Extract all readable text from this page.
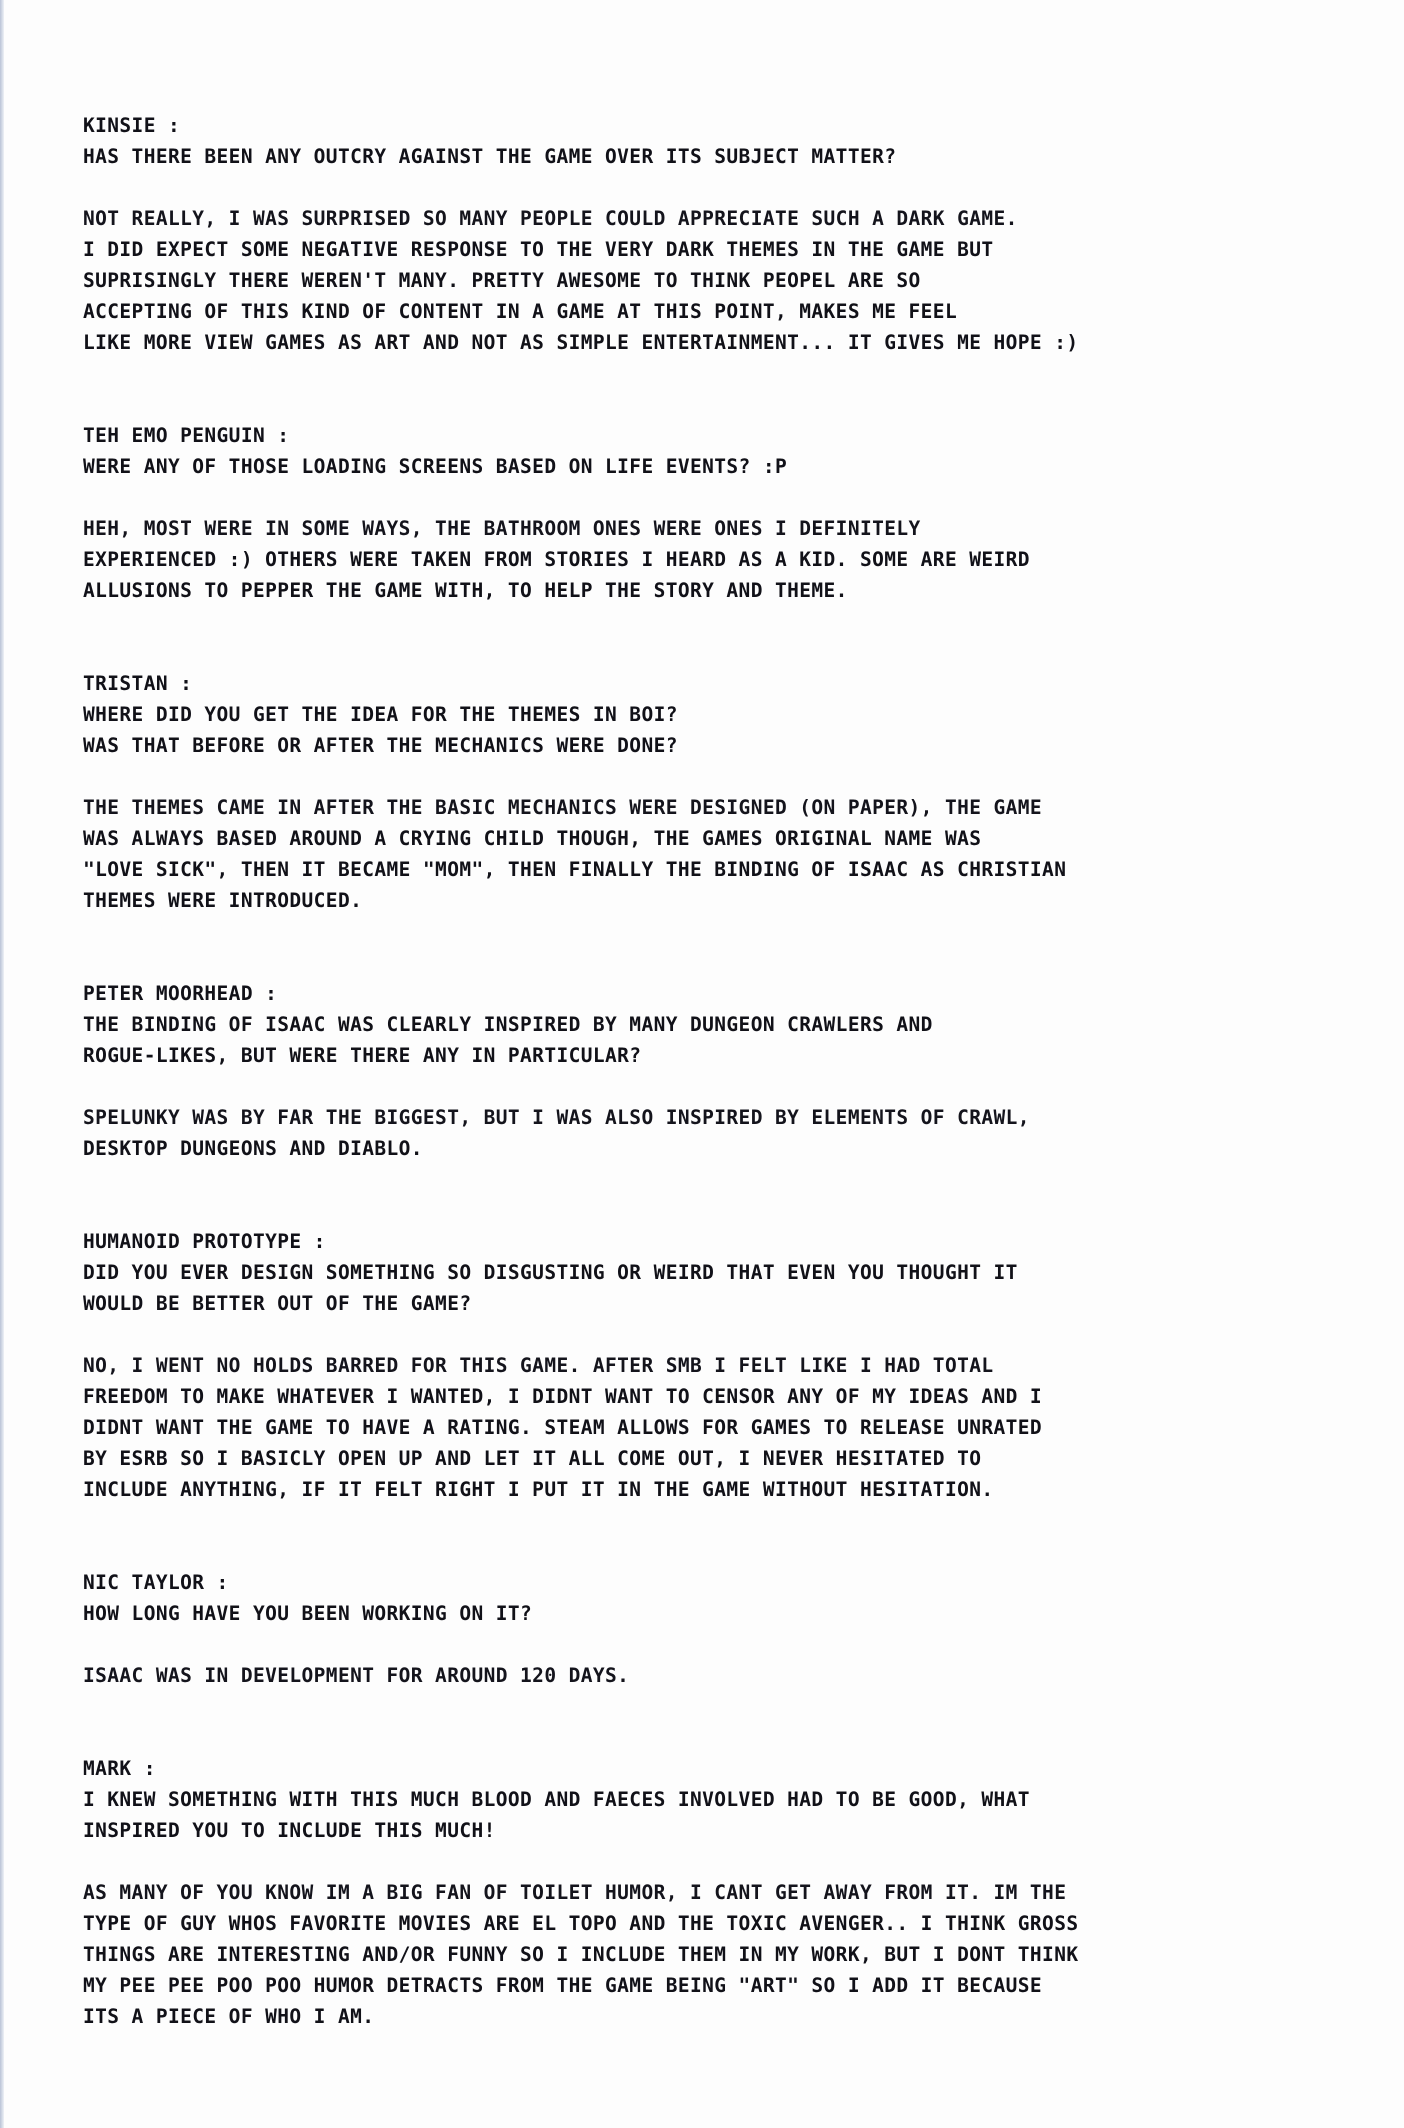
KINSIE :

HAS THERE BEEN ANY OUTCRY AGAINST THE GAME OVER ITS SUBJECT MATTER?

NOT REALLY, I WAS SURPRISED SO MANY PEOPLE COULD APPRECIATE SUCH A DARK GAME.

I DID EXPECT SOME NEGATIVE RESPONSE TO THE VERY DARK THEMES IN THE GAME BUT

SUPRISINGLY THERE WEREN'T MANY. PRETTY AWESOME TO THINK PEOPEL ARE SO

ACCEPTING OF THIS KIND OF CONTENT IN A GAME AT THIS POINT, MAKES ME FEEL

LIKE MORE VIEW GAMES AS ART AND NOT AS SIMPLE ENTERTAINMENT... IT GIVES ME HOPE :)

TEH EMO PENGUIN :

WERE ANY OF THOSE LOADING SCREENS BASED ON LIFE EVENTS? :P

HEH, MOST WERE IN SOME WAYS, THE BATHROOM ONES WERE ONES I DEFINITELY

EXPERIENCED :) OTHERS WERE TAKEN FROM STORIES I HEARD AS A KID. SOME ARE WEIRD

ALLUSIONS TO PEPPER THE GAME WITH, TO HELP THE STORY AND THEME.

TRISTAN :

WHERE DID YOU GET THE IDEA FOR THE THEMES IN BOI?

WAS THAT BEFORE OR AFTER THE MECHANICS WERE DONE?

THE THEMES CAME IN AFTER THE BASIC MECHANICS WERE DESIGNED (ON PAPER), THE GAME

WAS ALWAYS BASED AROUND A CRYING CHILD THOUGH, THE GAMES ORIGINAL NAME WAS

"LOVE SICK", THEN IT BECAME "MOM", THEN FINALLY THE BINDING OF ISAAC AS CHRISTIAN

THEMES WERE INTRODUCED.

PETER MOORHEAD :

THE BINDING OF ISAAC WAS CLEARLY INSPIRED BY MANY DUNGEON CRAWLERS AND

ROGUE-LIKES, BUT WERE THERE ANY IN PARTICULAR?

SPELUNKY WAS BY FAR THE BIGGEST, BUT I WAS ALSO INSPIRED BY ELEMENTS OF CRAWL,

DESKTOP DUNGEONS AND DIABLO.

HUMANOID PROTOTYPE :

DID YOU EVER DESIGN SOMETHING SO DISGUSTING OR WEIRD THAT EVEN YOU THOUGHT IT

WOULD BE BETTER OUT OF THE GAME?

NO, I WENT NO HOLDS BARRED FOR THIS GAME. AFTER SMB I FELT LIKE I HAD TOTAL

FREEDOM TO MAKE WHATEVER I WANTED, I DIDNT WANT TO CENSOR ANY OF MY IDEAS AND I

DIDNT WANT THE GAME TO HAVE A RATING. STEAM ALLOWS FOR GAMES TO RELEASE UNRATED

BY ESRB SO I BASICLY OPEN UP AND LET IT ALL COME OUT, I NEVER HESITATED TO

INCLUDE ANYTHING, IF IT FELT RIGHT I PUT IT IN THE GAME WITHOUT HESITATION.

NIC TAYLOR :

HOW LONG HAVE YOU BEEN WORKING ON IT?

ISAAC WAS IN DEVELOPMENT FOR AROUND 120 DAYS.

MARK :

I KNEW SOMETHING WITH THIS MUCH BLOOD AND FAECES INVOLVED HAD TO BE GOOD, WHAT

INSPIRED YOU TO INCLUDE THIS MUCH!

AS MANY OF YOU KNOW IM A BIG FAN OF TOILET HUMOR, I CANT GET AWAY FROM IT. IM THE

TYPE OF GUY WHOS FAVORITE MOVIES ARE EL TOPO AND THE TOXIC AVENGER.. I THINK GROSS

THINGS ARE INTERESTING AND/OR FUNNY SO I INCLUDE THEM IN MY WORK, BUT I DONT THINK

MY PEE PEE POO POO HUMOR DETRACTS FROM THE GAME BEING "ART" SO I ADD IT BECAUSE

ITS A PIECE OF WHO I AM.
